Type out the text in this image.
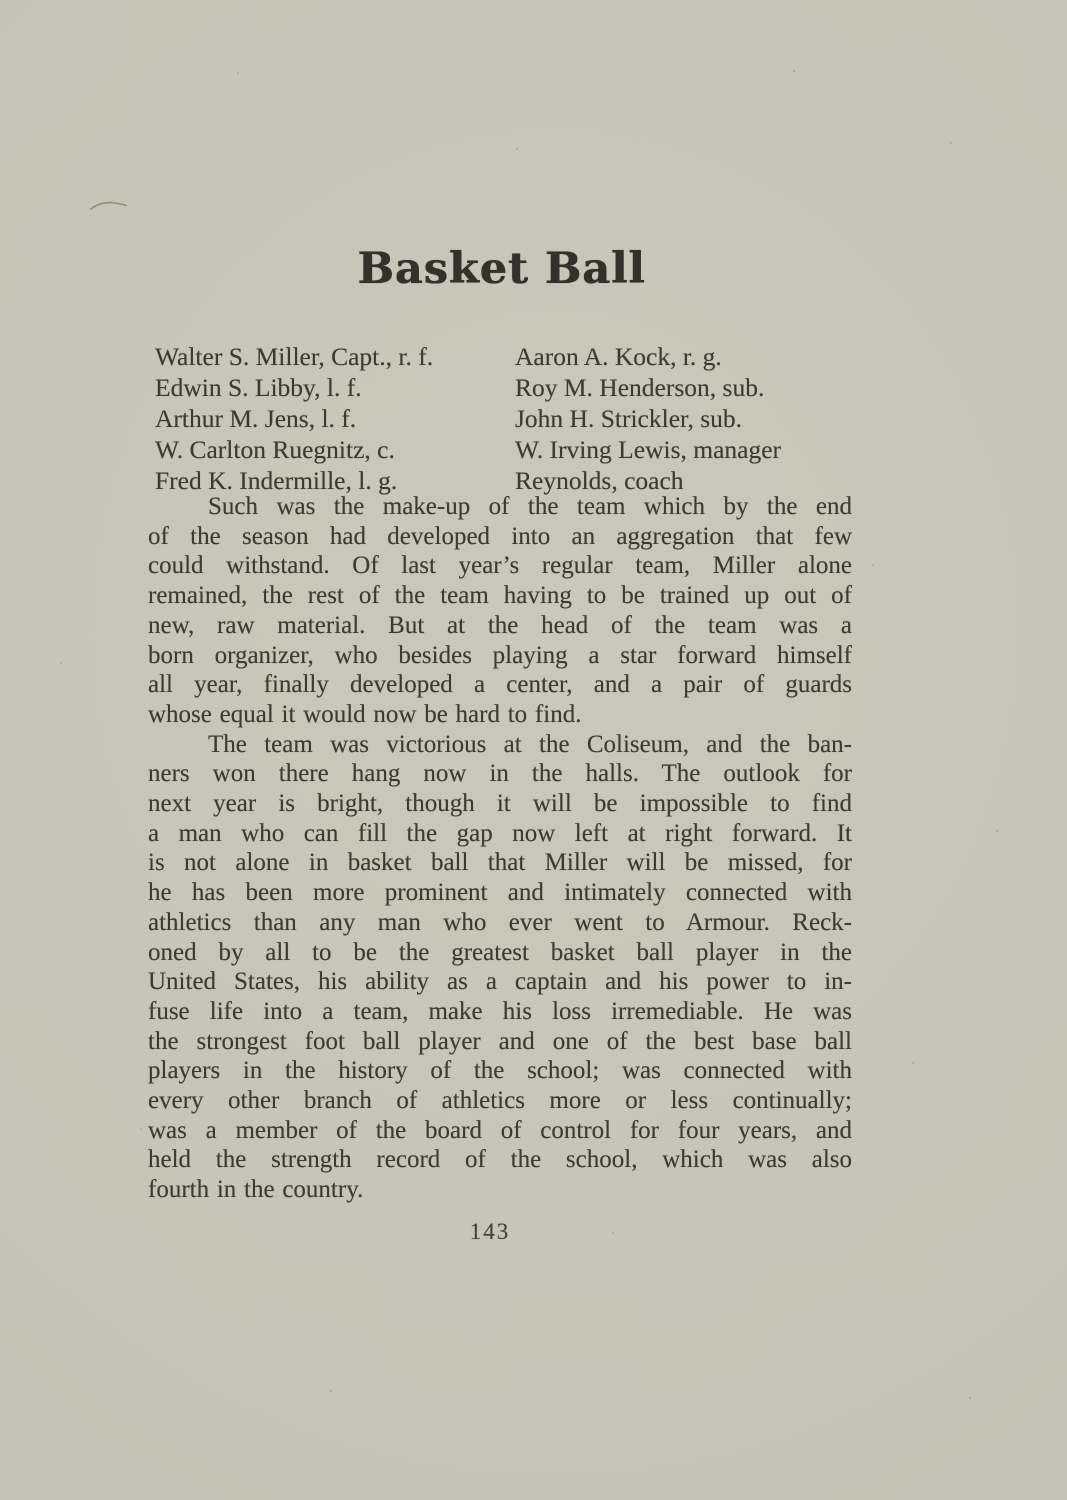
Basket Ball
Walter S. Miller, Capt., r. f.	Aaron A. Kock, r. g.
Edwin S. Libby, l. f.	Roy M. Henderson, sub.
Arthur M. Jens, l. f.	John H. Strickler, sub.
W. Carlton Ruegnitz, c.	W. Irving Lewis, manager
Fred K. Indermille, l. g.	Reynolds, coach
Such was the make-up of the team which by the end
of the season had developed into an aggregation that few
could withstand. Of last year’s regular team, Miller alone
remained, the rest of the team having to be trained up out of
new, raw material. But at the head of the team was a
born organizer, who besides playing a star forward himself
all year, finally developed a center, and a pair of guards
whose equal it would now be hard to find.
The team was victorious at the Coliseum, and the ban-
ners won there hang now in the halls. The outlook for
next year is bright, though it will be impossible to find
a man who can fill the gap now left at right forward. It
is not alone in basket ball that Miller will be missed, for
he has been more prominent and intimately connected with
athletics than any man who ever went to Armour. Reck-
oned by all to be the greatest basket ball player in the
United States, his ability as a captain and his power to in-
fuse life into a team, make his loss irremediable. He was
the strongest foot ball player and one of the best base ball
players in the history of the school; was connected with
every other branch of athletics more or less continually;
was a member of the board of control for four years, and
held the strength record of the school, which was also
fourth in the country.
143
